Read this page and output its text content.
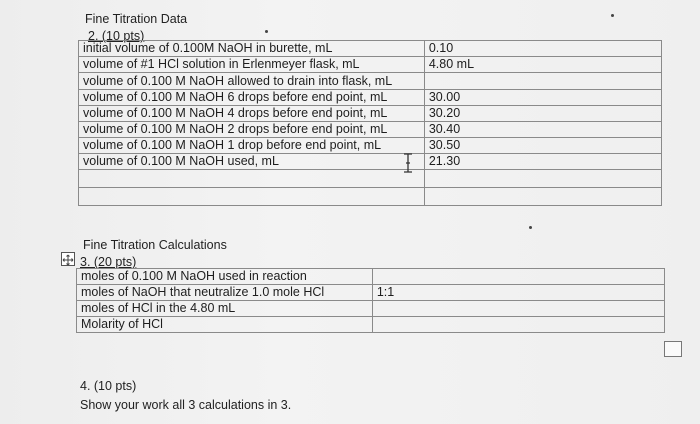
Fine Titration Data
2. (10 pts)
initial volume of 0.100M NaOH in burette, mL	0.10
volume of #1 HCl solution in Erlenmeyer flask, mL	4.80 mL
volume of 0.100 M NaOH allowed to drain into flask, mL	
volume of 0.100 M NaOH 6 drops before end point, mL	30.00
volume of 0.100 M NaOH 4 drops before end point, mL	30.20
volume of 0.100 M NaOH 2 drops before end point, mL	30.40
volume of 0.100 M NaOH 1 drop before end point, mL	30.50
volume of 0.100 M NaOH used, mL	21.30

Fine Titration Calculations
3. (20 pts)
moles of 0.100 M NaOH used in reaction	
moles of NaOH that neutralize 1.0 mole HCl	1:1
moles of HCl in the 4.80 mL	
Molarity of HCl	
4. (10 pts)
Show your work all 3 calculations in 3.
